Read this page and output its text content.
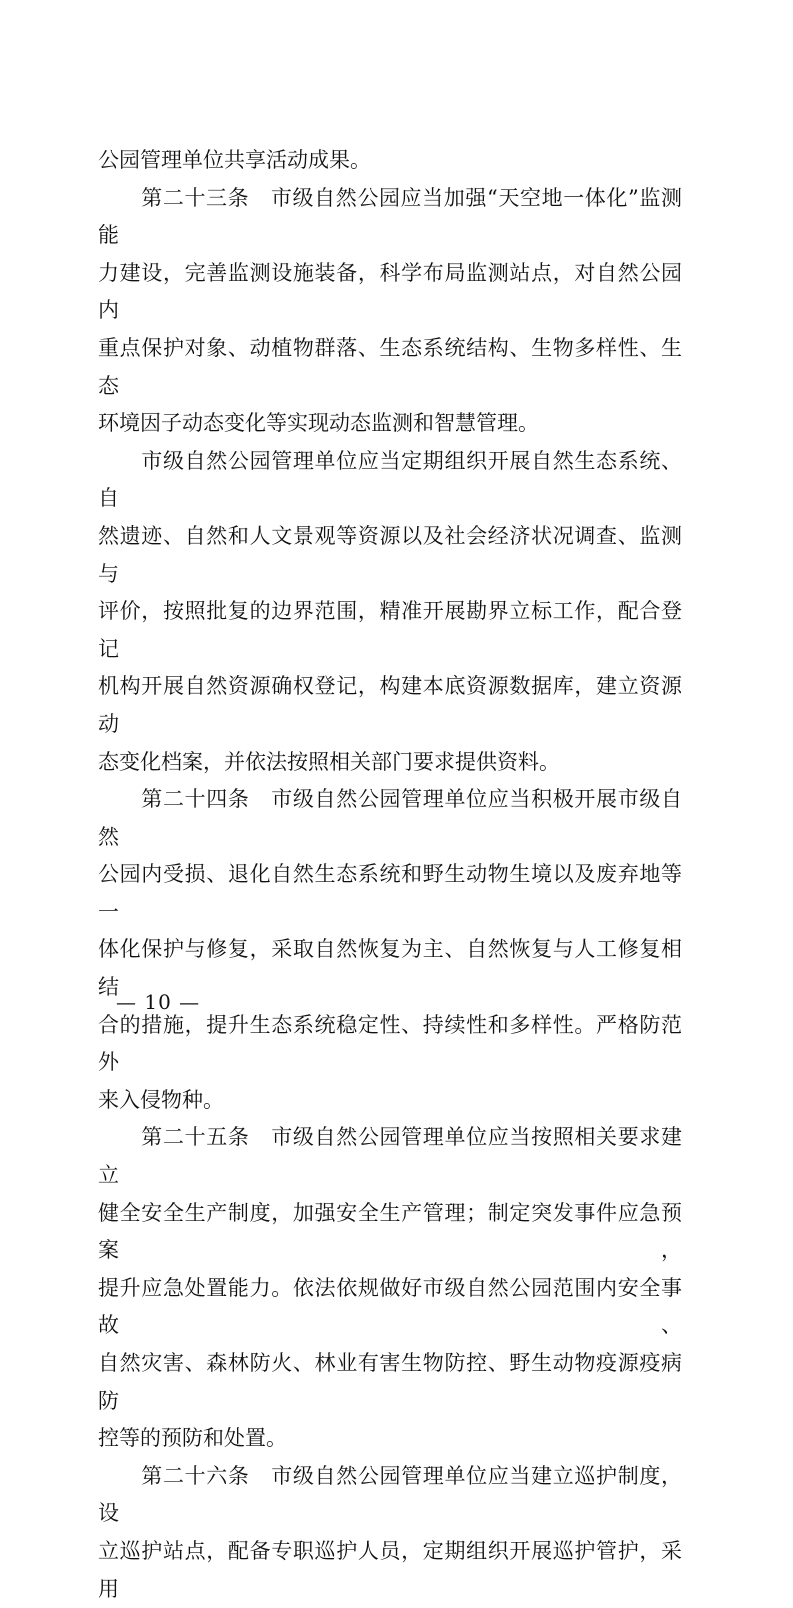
公园管理单位共享活动成果。

　　第二十三条　市级自然公园应当加强“天空地一体化”监测能

力建设，完善监测设施装备，科学布局监测站点，对自然公园内

重点保护对象、动植物群落、生态系统结构、生物多样性、生态

环境因子动态变化等实现动态监测和智慧管理。

　　市级自然公园管理单位应当定期组织开展自然生态系统、自

然遗迹、自然和人文景观等资源以及社会经济状况调查、监测与

评价，按照批复的边界范围，精准开展勘界立标工作，配合登记

机构开展自然资源确权登记，构建本底资源数据库，建立资源动

态变化档案，并依法按照相关部门要求提供资料。

　　第二十四条　市级自然公园管理单位应当积极开展市级自然

公园内受损、退化自然生态系统和野生动物生境以及废弃地等一

体化保护与修复，采取自然恢复为主、自然恢复与人工修复相结

合的措施，提升生态系统稳定性、持续性和多样性。严格防范外

来入侵物种。

　　第二十五条　市级自然公园管理单位应当按照相关要求建立

健全安全生产制度，加强安全生产管理；制定突发事件应急预案，

提升应急处置能力。依法依规做好市级自然公园范围内安全事故、

自然灾害、森林防火、林业有害生物防控、野生动物疫源疫病防

控等的预防和处置。

　　第二十六条　市级自然公园管理单位应当建立巡护制度，设

立巡护站点，配备专职巡护人员，定期组织开展巡护管护，采用

— 10 —
